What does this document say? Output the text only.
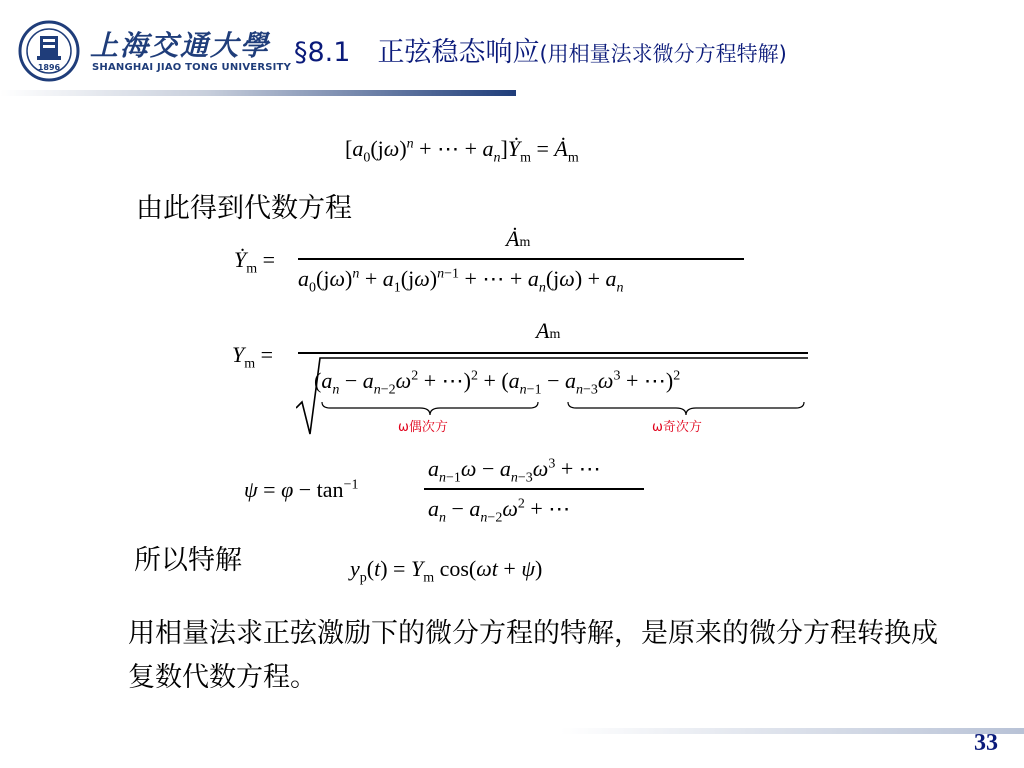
1896
上海交通大學
SHANGHAI JIAO TONG UNIVERSITY §8.1　正弦稳态响应(用相量法求微分方程特解)
[$a_0(j\omega)^n$ + ⋯ + $a_n]Ẏ_m$ = $Ȧ_m$
由此得到代数方程
Ẏ$_m$ =
Ȧm
$a_0(j\omega)^n + a_1(j\omega)^{n-1}$ + ⋯ + $a_n(j\omega) + a_n$
$Y_m$ =
Am
($a_n - a_{n-2}\omega^2$ + ⋯)$^2$ + ($a_{n-1} - a_{n-3}\omega^3$ + ⋯)$^2$
ω偶次方	ω奇次方
$\psi = \varphi - \tan^{-1}$
$a_{n-1}\omega - a_{n-3}\omega^3$ + ⋯
$a_n - a_{n-2}\omega^2$ + ⋯
所以特解	$y_p(t) = Y_m$ cos(ωt + ψ)
用相量法求正弦激励下的微分方程的特解，是原来的微分方程转换成复数代数方程。
33
